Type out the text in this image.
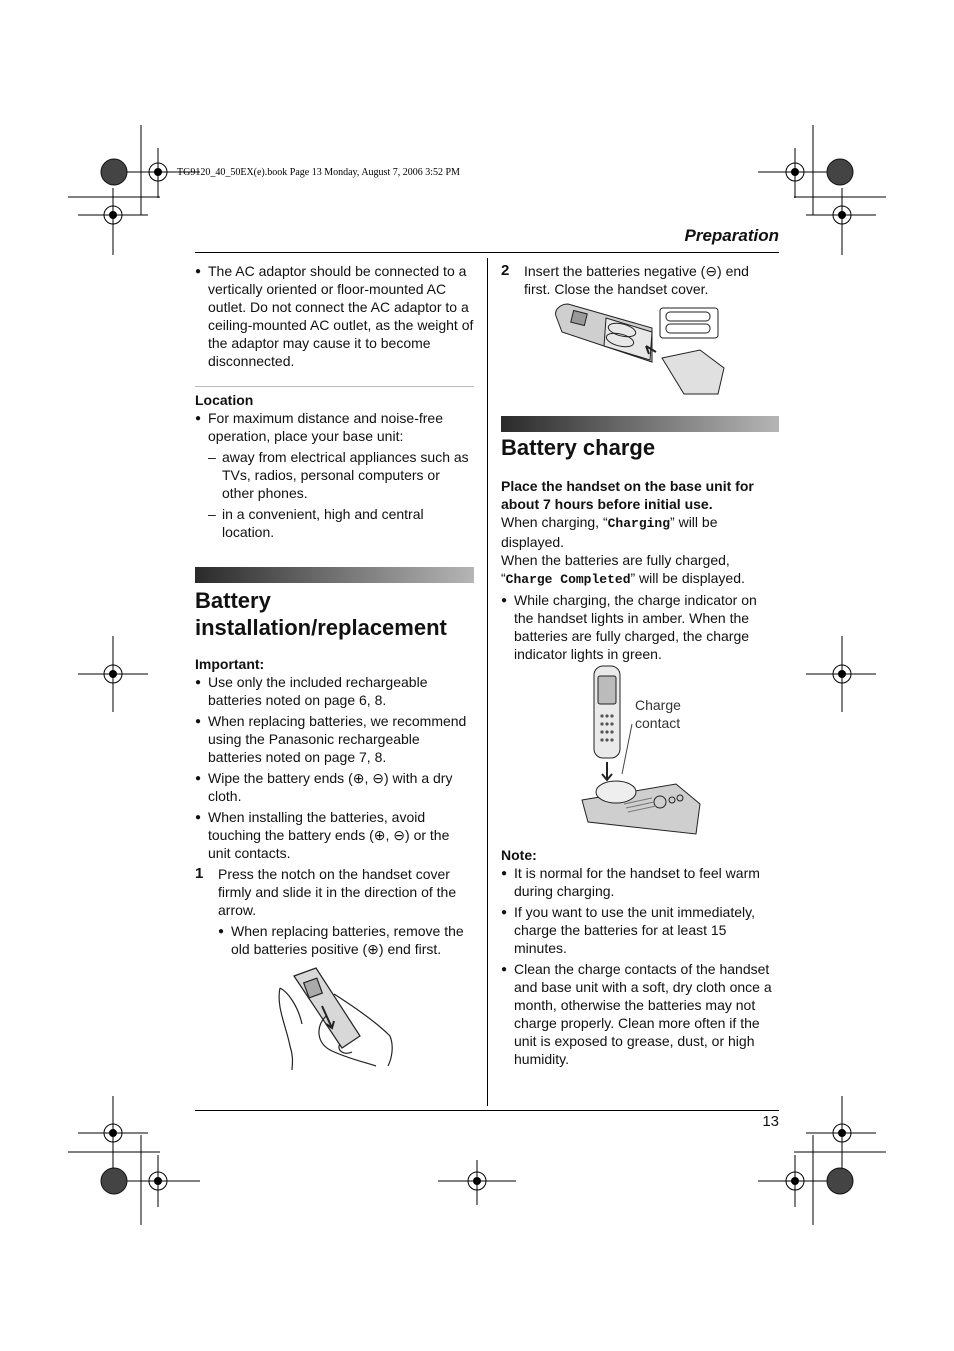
TG9120_40_50EX(e).book Page 13 Monday, August 7, 2006 3:52 PM
Preparation
● The AC adaptor should be connected to a vertically oriented or floor-mounted AC outlet. Do not connect the AC adaptor to a ceiling-mounted AC outlet, as the weight of the adaptor may cause it to become disconnected.

Location

● For maximum distance and noise-free operation, place your base unit:
– away from electrical appliances such as TVs, radios, personal computers or other phones.
– in a convenient, high and central location.
Battery installation/replacement

Important:

● Use only the included rechargeable batteries noted on page 6, 8.
● When replacing batteries, we recommend using the Panasonic rechargeable batteries noted on page 7, 8.
● Wipe the battery ends (⊕, ⊖) with a dry cloth.
● When installing the batteries, avoid touching the battery ends (⊕, ⊖) or the unit contacts.
1	Press the notch on the handset cover firmly and slide it in the direction of the arrow.
● When replacing batteries, remove the old batteries positive (⊕) end first.
2	Insert the batteries negative (⊖) end first. Close the handset cover.
Battery charge

Place the handset on the base unit for about 7 hours before initial use.

When charging, “Charging” will be displayed.

When the batteries are fully charged, “Charge Completed” will be displayed.

● While charging, the charge indicator on the handset lights in amber. When the batteries are fully charged, the charge indicator lights in green.
Charge contact

Note:

● It is normal for the handset to feel warm during charging.
● If you want to use the unit immediately, charge the batteries for at least 15 minutes.
● Clean the charge contacts of the handset and base unit with a soft, dry cloth once a month, otherwise the batteries may not charge properly. Clean more often if the unit is exposed to grease, dust, or high humidity.
13
